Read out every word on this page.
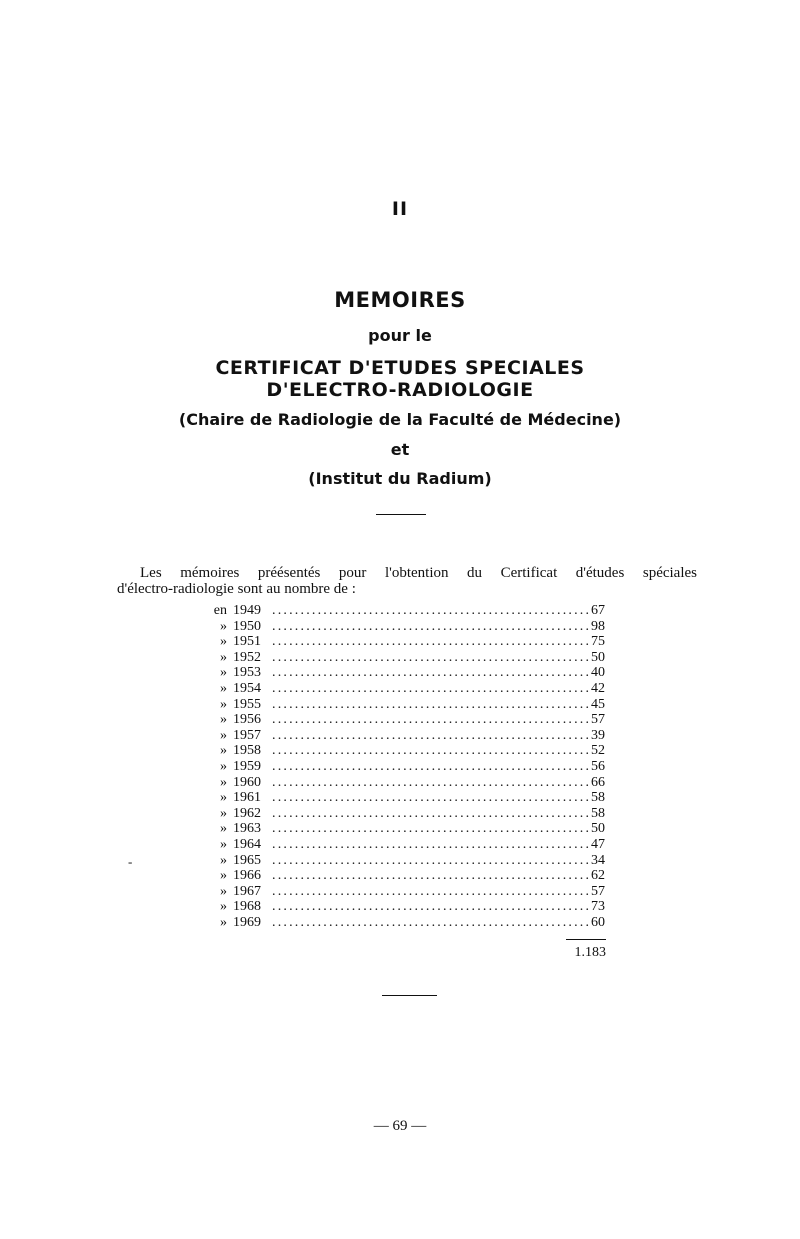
II
MEMOIRES
pour le
CERTIFICAT D'ETUDES SPECIALES
D'ELECTRO-RADIOLOGIE
(Chaire de Radiologie de la Faculté de Médecine)
et
(Institut du Radium)
Les mémoires préésentés pour l'obtention du Certificat d'études spéciales
d'électro-radiologie sont au nombre de :
en 1949 ........................................................ 67
» 1950 ........................................................ 98
» 1951 ........................................................ 75
» 1952 ........................................................ 50
» 1953 ........................................................ 40
» 1954 ........................................................ 42
» 1955 ........................................................ 45
» 1956 ........................................................ 57
» 1957 ........................................................ 39
» 1958 ........................................................ 52
» 1959 ........................................................ 56
» 1960 ........................................................ 66
» 1961 ........................................................ 58
» 1962 ........................................................ 58
» 1963 ........................................................ 50
» 1964 ........................................................ 47
» 1965 ........................................................ 34
» 1966 ........................................................ 62
» 1967 ........................................................ 57
» 1968 ........................................................ 73
» 1969 ........................................................ 60
1.183
-
— 69 —
